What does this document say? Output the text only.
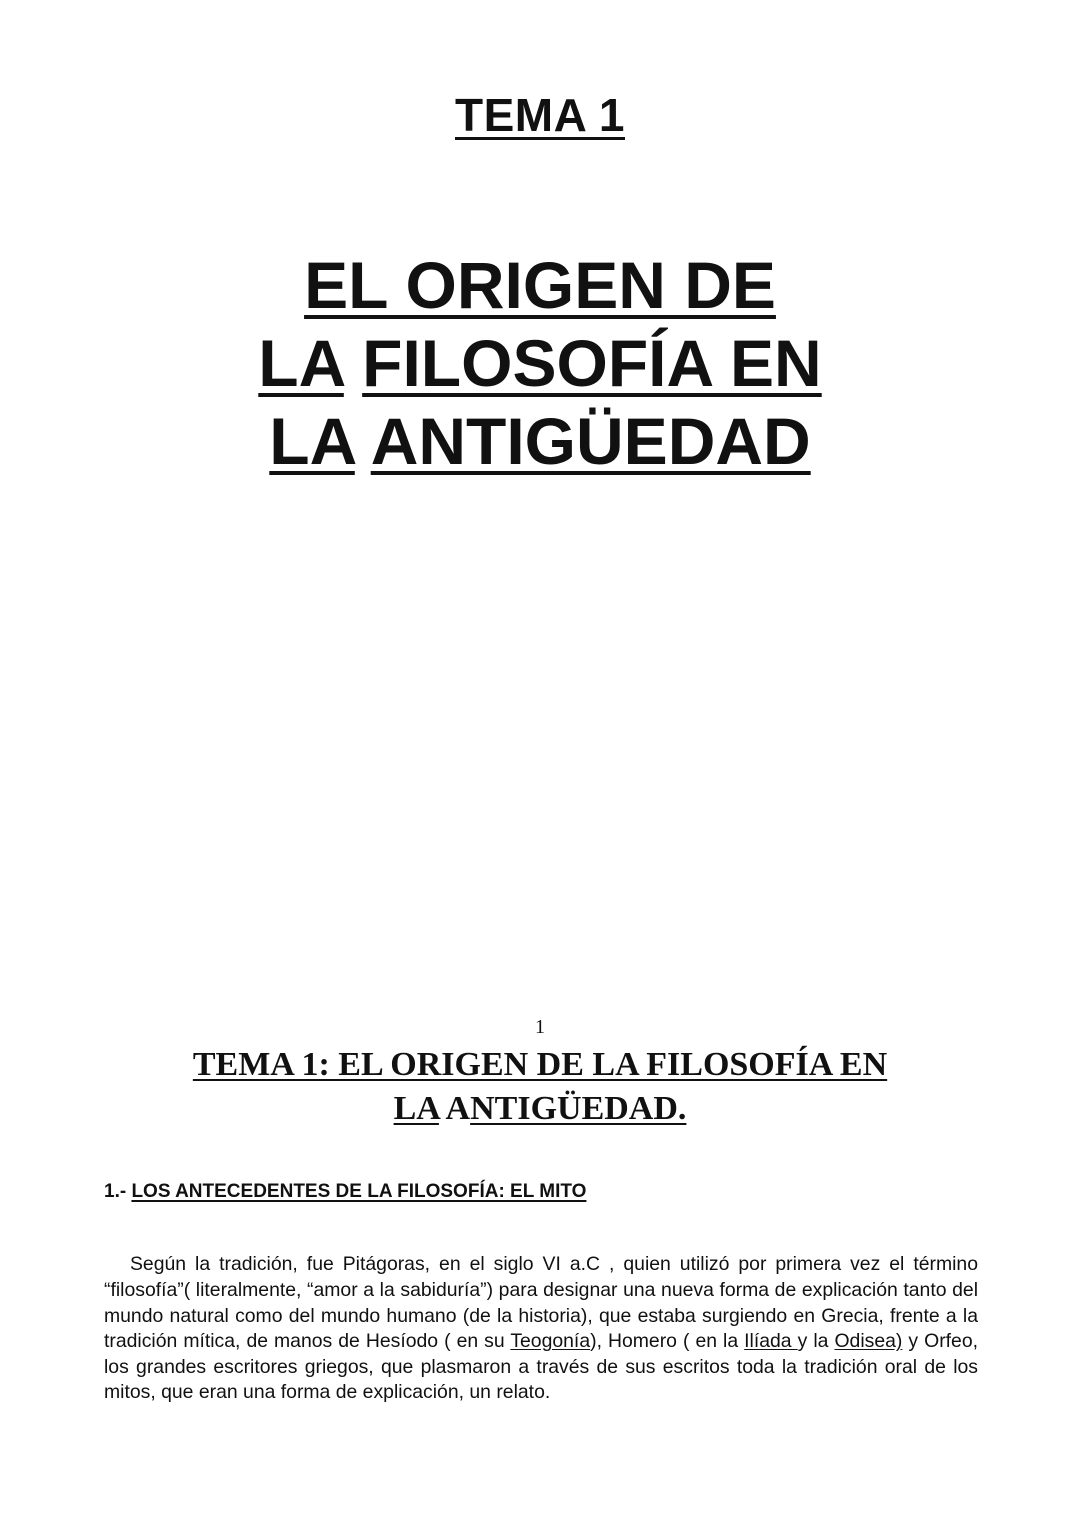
TEMA 1
EL ORIGEN DE
LA FILOSOFÍA EN
LA ANTIGÜEDAD
1
TEMA 1: EL ORIGEN DE LA FILOSOFÍA EN
LA ANTIGÜEDAD.
1.- LOS ANTECEDENTES DE LA FILOSOFÍA: EL MITO

Según la tradición, fue Pitágoras, en el siglo VI a.C , quien utilizó por primera vez el término “filosofía”( literalmente, “amor a la sabiduría”) para designar una nueva forma de explicación tanto del mundo natural como del mundo humano (de la historia), que estaba surgiendo en Grecia, frente a la tradición mítica, de manos de Hesíodo ( en su Teogonía), Homero ( en la Ilíada y la Odisea) y Orfeo, los grandes escritores griegos, que plasmaron a través de sus escritos toda la tradición oral de los mitos, que eran una forma de explicación, un relato.
